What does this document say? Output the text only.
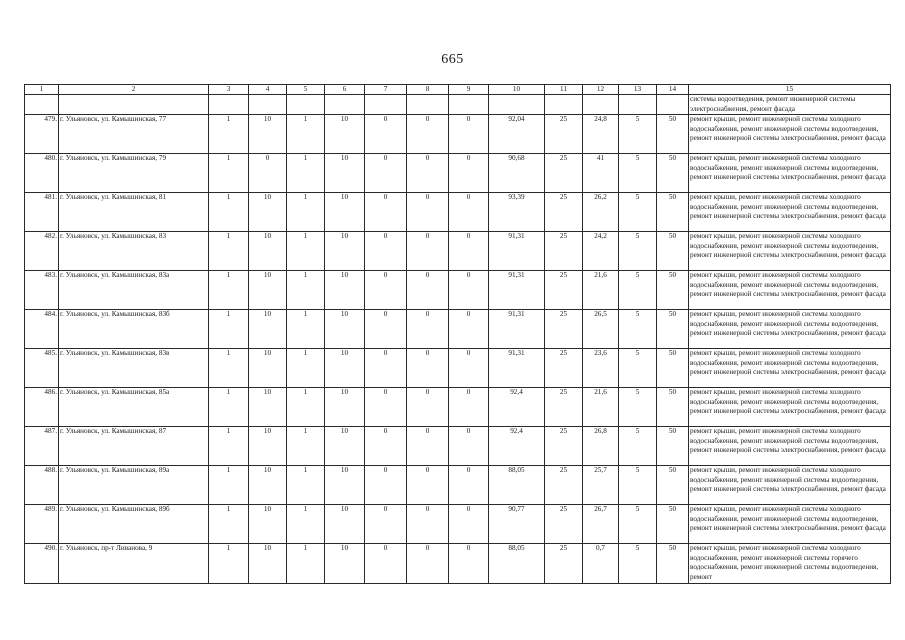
665
1	2	3	4	5	6	7	8	9	10	11	12	13	14	15
														системы водоотведения, ремонт инженерной системы электроснабжения, ремонт фасада
479.	г. Ульяновск, ул. Камышинская, 77	1	10	1	10	0	0	0	92,04	25	24,8	5	50	ремонт крыши, ремонт инженерной системы холодного водоснабжения, ремонт инженерной системы водоотведения, ремонт инженерной системы электроснабжения, ремонт фасада
480.	г. Ульяновск, ул. Камышинская, 79	1	0	1	10	0	0	0	90,68	25	41	5	50	ремонт крыши, ремонт инженерной системы холодного водоснабжения, ремонт инженерной системы водоотведения, ремонт инженерной системы электроснабжения, ремонт фасада
481.	г. Ульяновск, ул. Камышинская, 81	1	10	1	10	0	0	0	93,39	25	26,2	5	50	ремонт крыши, ремонт инженерной системы холодного водоснабжения, ремонт инженерной системы водоотведения, ремонт инженерной системы электроснабжения, ремонт фасада
482.	г. Ульяновск, ул. Камышинская, 83	1	10	1	10	0	0	0	91,31	25	24,2	5	50	ремонт крыши, ремонт инженерной системы холодного водоснабжения, ремонт инженерной системы водоотведения, ремонт инженерной системы электроснабжения, ремонт фасада
483.	г. Ульяновск, ул. Камышинская, 83а	1	10	1	10	0	0	0	91,31	25	21,6	5	50	ремонт крыши, ремонт инженерной системы холодного водоснабжения, ремонт инженерной системы водоотведения, ремонт инженерной системы электроснабжения, ремонт фасада
484.	г. Ульяновск, ул. Камышинская, 83б	1	10	1	10	0	0	0	91,31	25	26,5	5	50	ремонт крыши, ремонт инженерной системы холодного водоснабжения, ремонт инженерной системы водоотведения, ремонт инженерной системы электроснабжения, ремонт фасада
485.	г. Ульяновск, ул. Камышинская, 83в	1	10	1	10	0	0	0	91,31	25	23,6	5	50	ремонт крыши, ремонт инженерной системы холодного водоснабжения, ремонт инженерной системы водоотведения, ремонт инженерной системы электроснабжения, ремонт фасада
486.	г. Ульяновск, ул. Камышинская, 85а	1	10	1	10	0	0	0	92,4	25	21,6	5	50	ремонт крыши, ремонт инженерной системы холодного водоснабжения, ремонт инженерной системы водоотведения, ремонт инженерной системы электроснабжения, ремонт фасада
487.	г. Ульяновск, ул. Камышинская, 87	1	10	1	10	0	0	0	92,4	25	26,8	5	50	ремонт крыши, ремонт инженерной системы холодного водоснабжения, ремонт инженерной системы водоотведения, ремонт инженерной системы электроснабжения, ремонт фасада
488.	г. Ульяновск, ул. Камышинская, 89а	1	10	1	10	0	0	0	88,05	25	25,7	5	50	ремонт крыши, ремонт инженерной системы холодного водоснабжения, ремонт инженерной системы водоотведения, ремонт инженерной системы электроснабжения, ремонт фасада
489.	г. Ульяновск, ул. Камышинская, 89б	1	10	1	10	0	0	0	90,77	25	26,7	5	50	ремонт крыши, ремонт инженерной системы холодного водоснабжения, ремонт инженерной системы водоотведения, ремонт инженерной системы электроснабжения, ремонт фасада
490.	г. Ульяновск, пр-т Ливанова, 9	1	10	1	10	0	0	0	88,05	25	0,7	5	50	ремонт крыши, ремонт инженерной системы холодного водоснабжения, ремонт инженерной системы горячего водоснабжения, ремонт инженерной системы водоотведения, ремонт
